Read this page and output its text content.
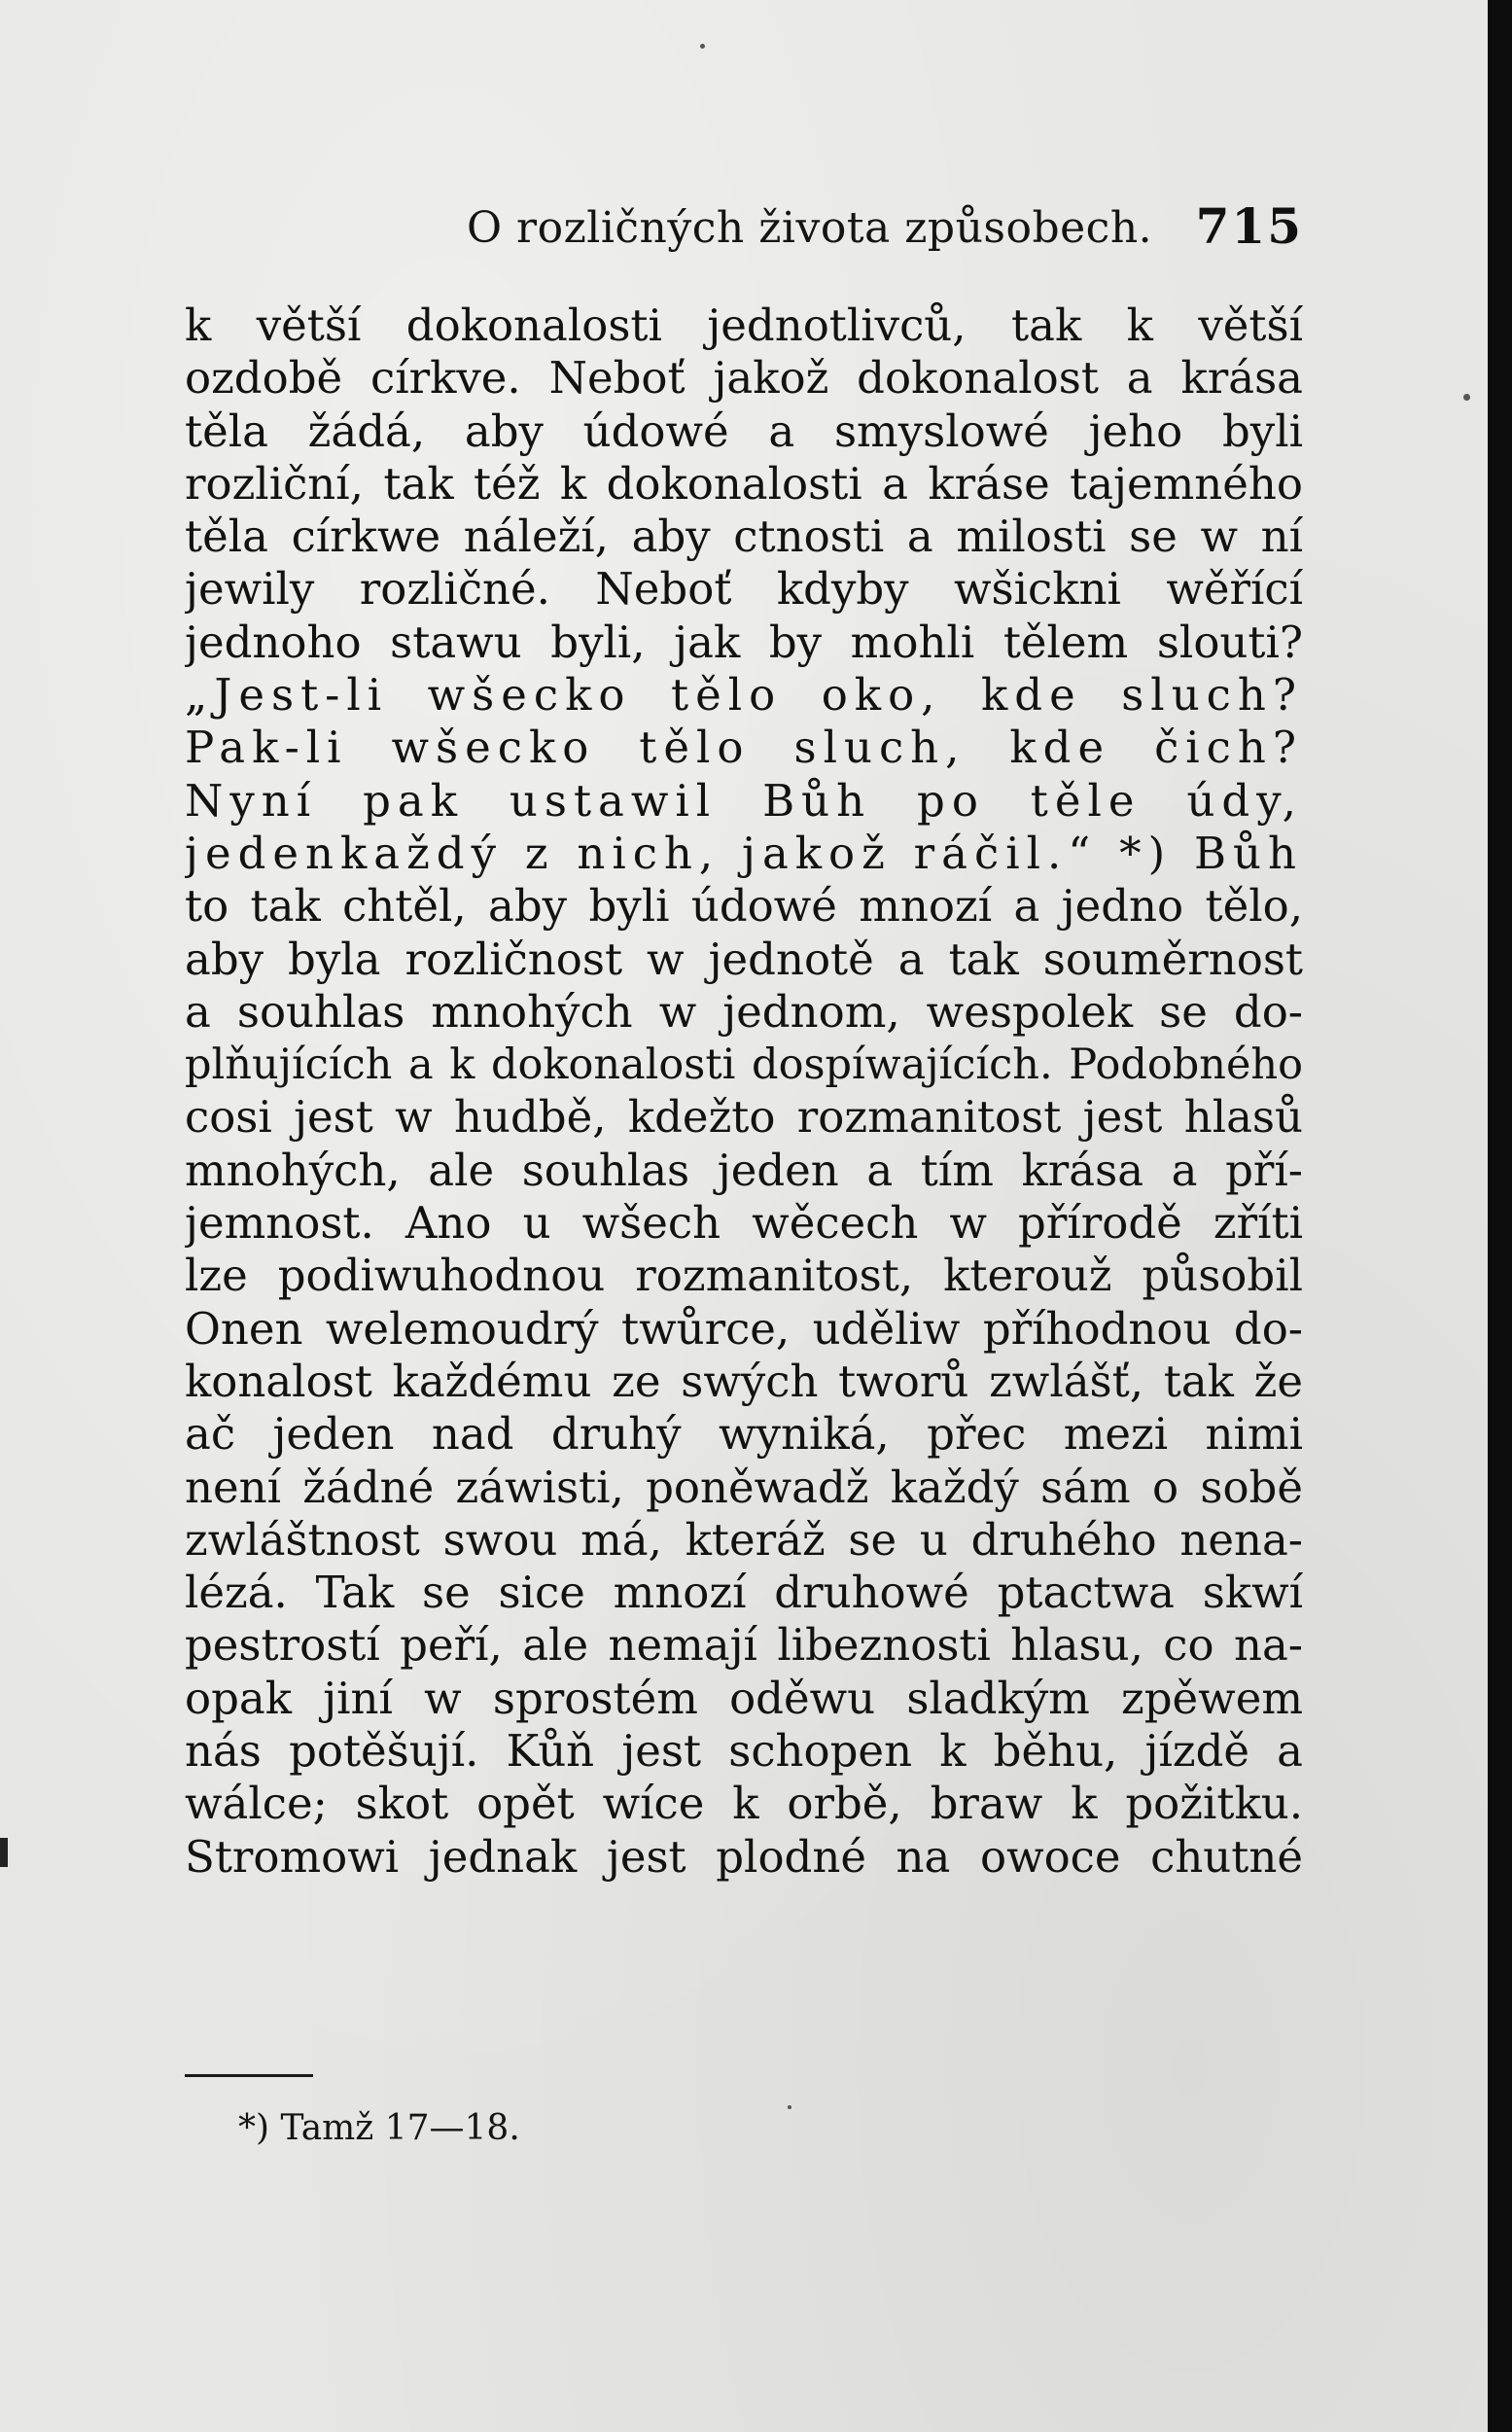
O rozličných života způsobech. 715
k větší dokonalosti jednotlivců, tak k větší
ozdobě církve. Neboť jakož dokonalost a krása
těla žádá, aby údowé a smyslowé jeho byli
rozliční, tak též k dokonalosti a kráse tajemného
těla církwe náleží, aby ctnosti a milosti se w ní
jewily rozličné. Neboť kdyby wšickni wěřící
jednoho stawu byli, jak by mohli tělem slouti?
„Jest-li wšecko tělo oko, kde sluch?
Pak-li wšecko tělo sluch, kde čich?
Nyní pak ustawil Bůh po těle údy,
jedenkaždý z nich, jakož ráčil.“ *) Bůh
to tak chtěl, aby byli údowé mnozí a jedno tělo,
aby byla rozličnost w jednotě a tak souměrnost
a souhlas mnohých w jednom, wespolek se do-
plňujících a k dokonalosti dospíwajících. Podobného
cosi jest w hudbě, kdežto rozmanitost jest hlasů
mnohých, ale souhlas jeden a tím krása a pří-
jemnost. Ano u wšech wěcech w přírodě zříti
lze podiwuhodnou rozmanitost, kterouž působil
Onen welemoudrý twůrce, uděliw příhodnou do-
konalost každému ze swých tworů zwlášť, tak že
ač jeden nad druhý wyniká, přec mezi nimi
není žádné záwisti, poněwadž každý sám o sobě
zwláštnost swou má, kteráž se u druhého nena-
lézá. Tak se sice mnozí druhowé ptactwa skwí
pestrostí peří, ale nemají libeznosti hlasu, co na-
opak jiní w sprostém oděwu sladkým zpěwem
nás potěšují. Kůň jest schopen k běhu, jízdě a
wálce; skot opět wíce k orbě, braw k požitku.
Stromowi jednak jest plodné na owoce chutné
*) Tamž 17—18.
